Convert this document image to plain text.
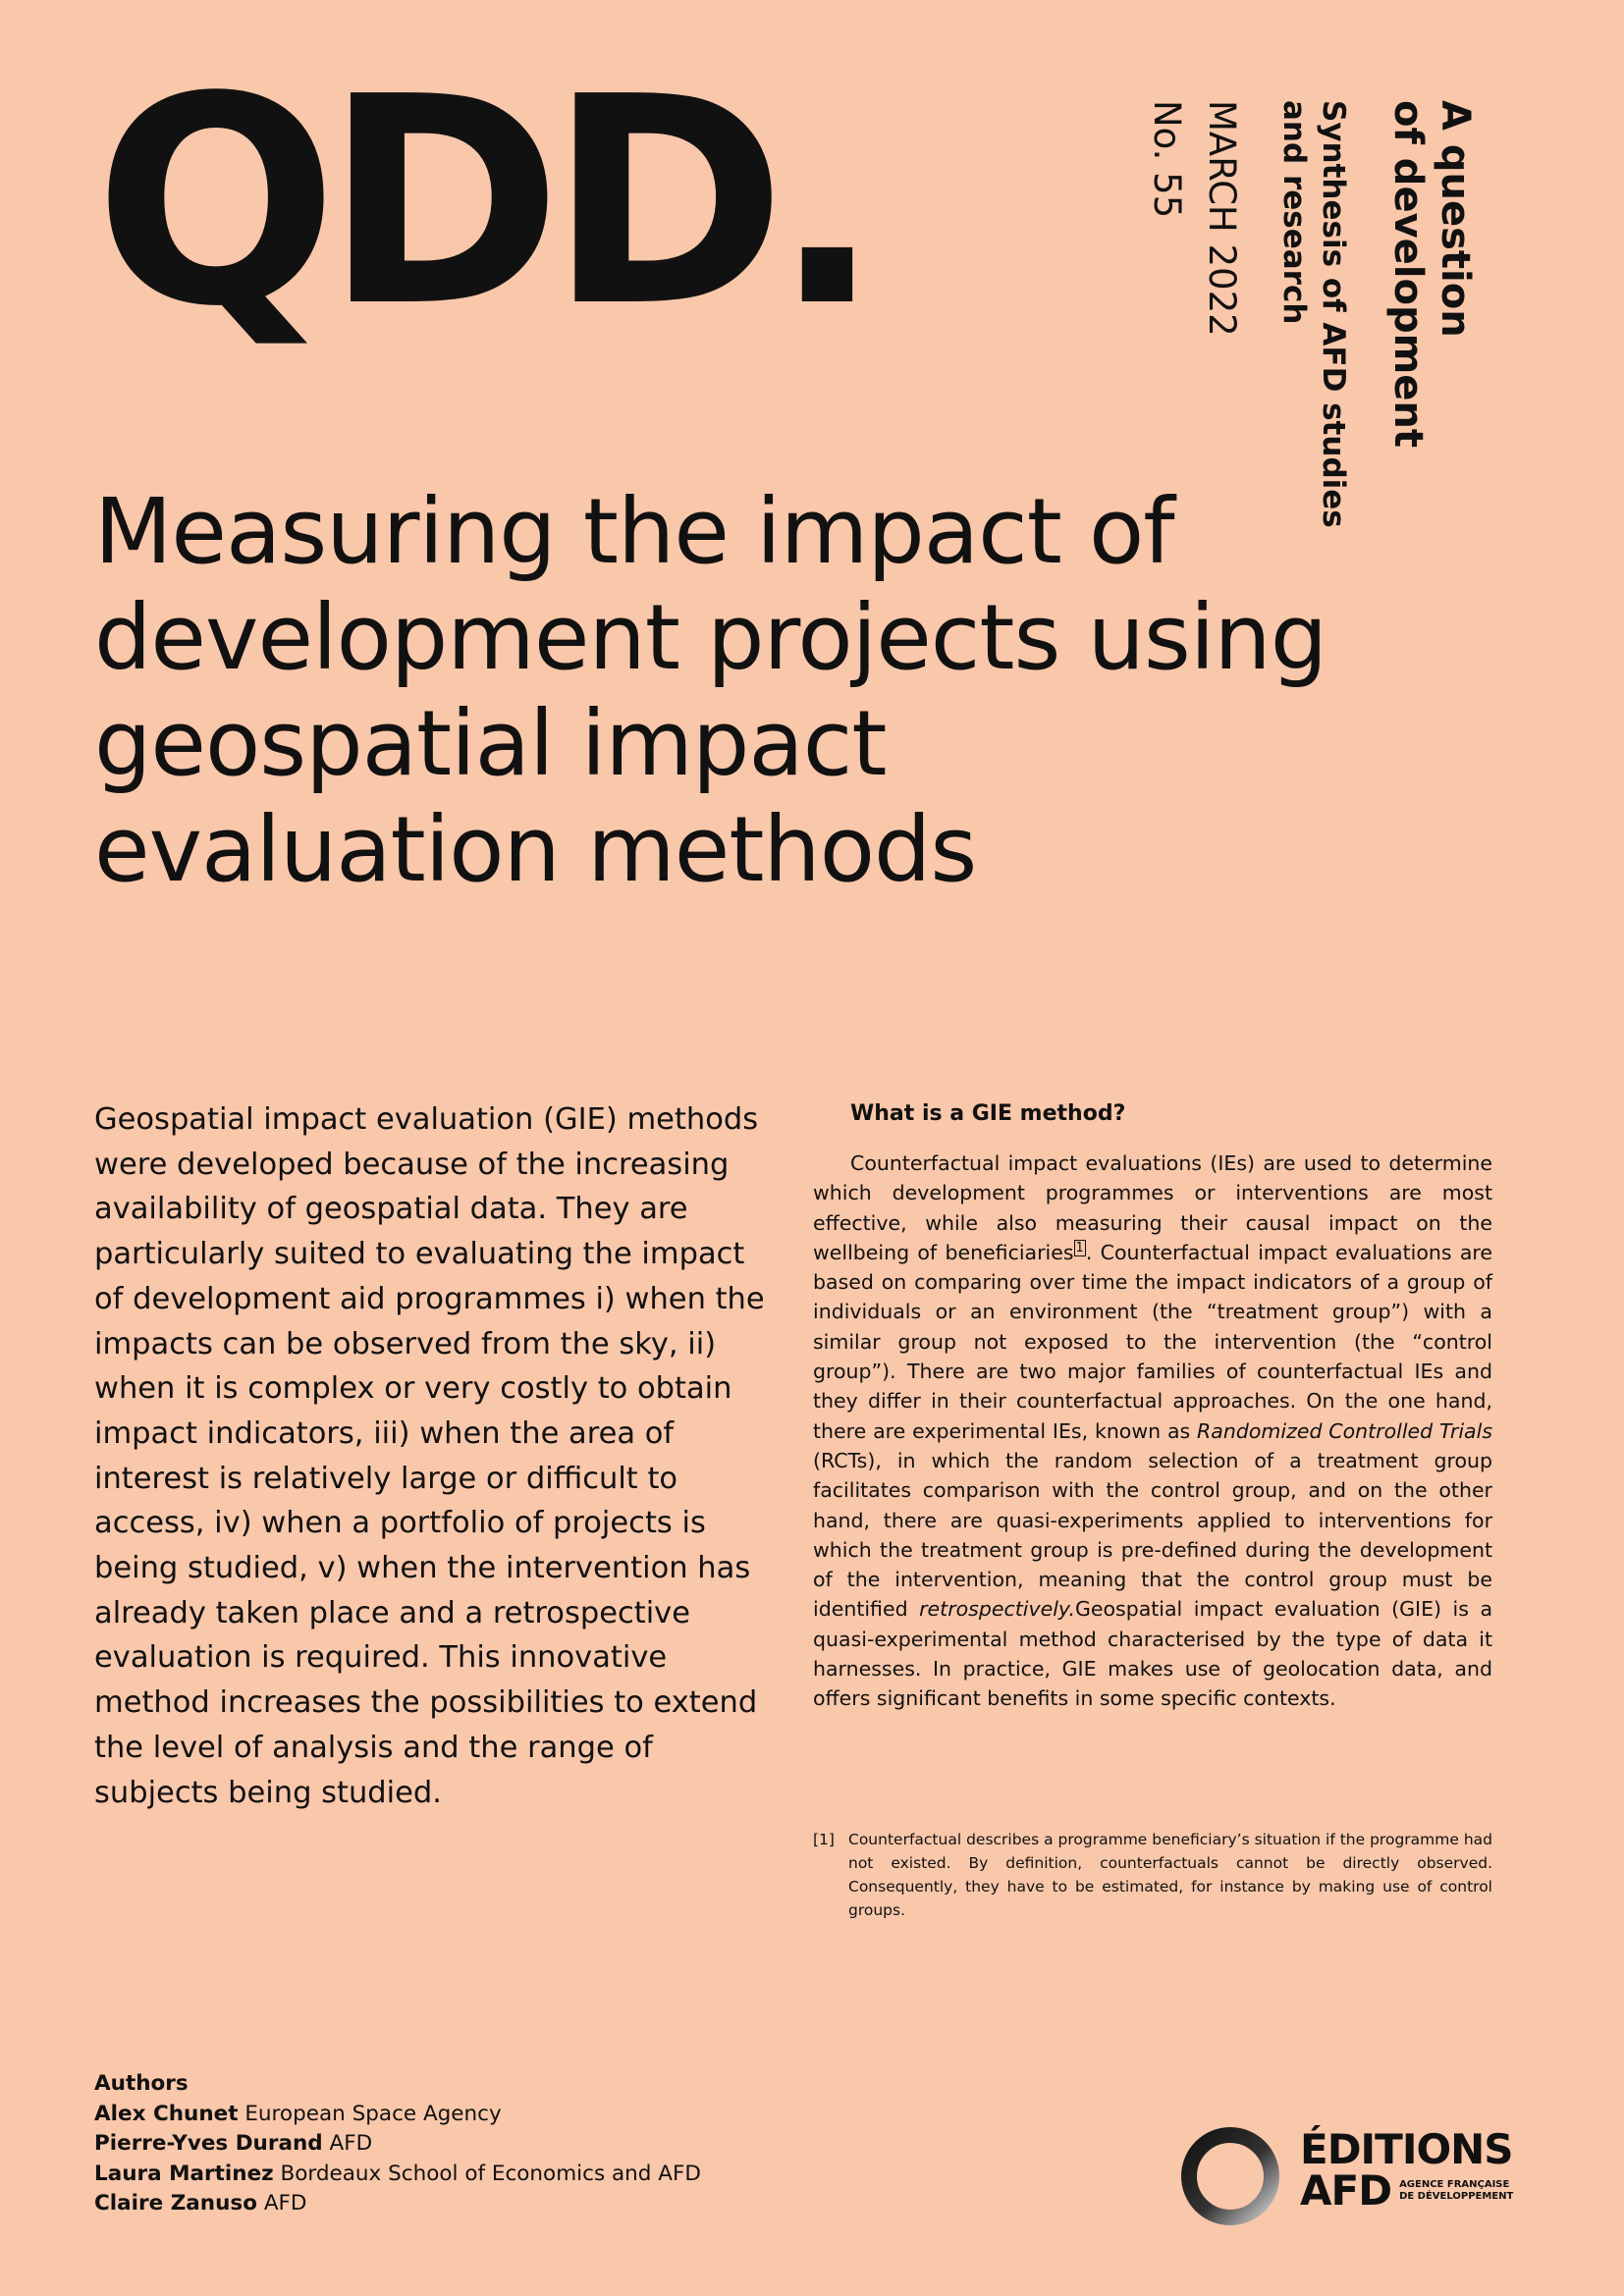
QDD.	A question
of development
Synthesis of AFD studies
and research
MARCH 2022
No. 55
Measuring the impact of development projects using geospatial impact evaluation methods

Geospatial impact evaluation (GIE) methods were developed because of the increasing availability of geospatial data. They are particularly suited to evaluating the impact of development aid programmes i) when the impacts can be observed from the sky, ii) when it is complex or very costly to obtain impact indicators, iii) when the area of interest is relatively large or difficult to access, iv) when a portfolio of projects is being studied, v) when the intervention has already taken place and a retrospective evaluation is required. This innovative method increases the possibilities to extend the level of analysis and the range of subjects being studied.

What is a GIE method?

Counterfactual impact evaluations (IEs) are used to determine which development programmes or interventions are most effective, while also measuring their causal impact on the wellbeing of beneficiaries $^1$. Counterfactual impact evaluations are based on comparing over time the impact indicators of a group of individuals or an environment (the “treatment group”) with a similar group not exposed to the intervention (the “control group”). There are two major families of counterfactual IEs and they differ in their counterfactual approaches. On the one hand, there are experimental IEs, known as Randomized Controlled Trials (RCTs), in which the random selection of a treatment group facilitates comparison with the control group, and on the other hand, there are quasi-experiments applied to interventions for which the treatment group is pre-defined during the development of the intervention, meaning that the control group must be identified retrospectively.Geospatial impact evaluation (GIE) is a quasi-experimental method characterised by the type of data it harnesses. In practice, GIE makes use of geolocation data, and offers significant benefits in some specific contexts.

[1] Counterfactual describes a programme beneficiary’s situation if the programme had not existed. By definition, counterfactuals cannot be directly observed. Consequently, they have to be estimated, for instance by making use of control groups.
Authors
Alex Chunet European Space Agency
Pierre-Yves Durand AFD
Laura Martinez Bordeaux School of Economics and AFD
Claire Zanuso AFD
ÉDITIONS
AFD AGENCE FRANÇAISE
DE DÉVELOPPEMENT
